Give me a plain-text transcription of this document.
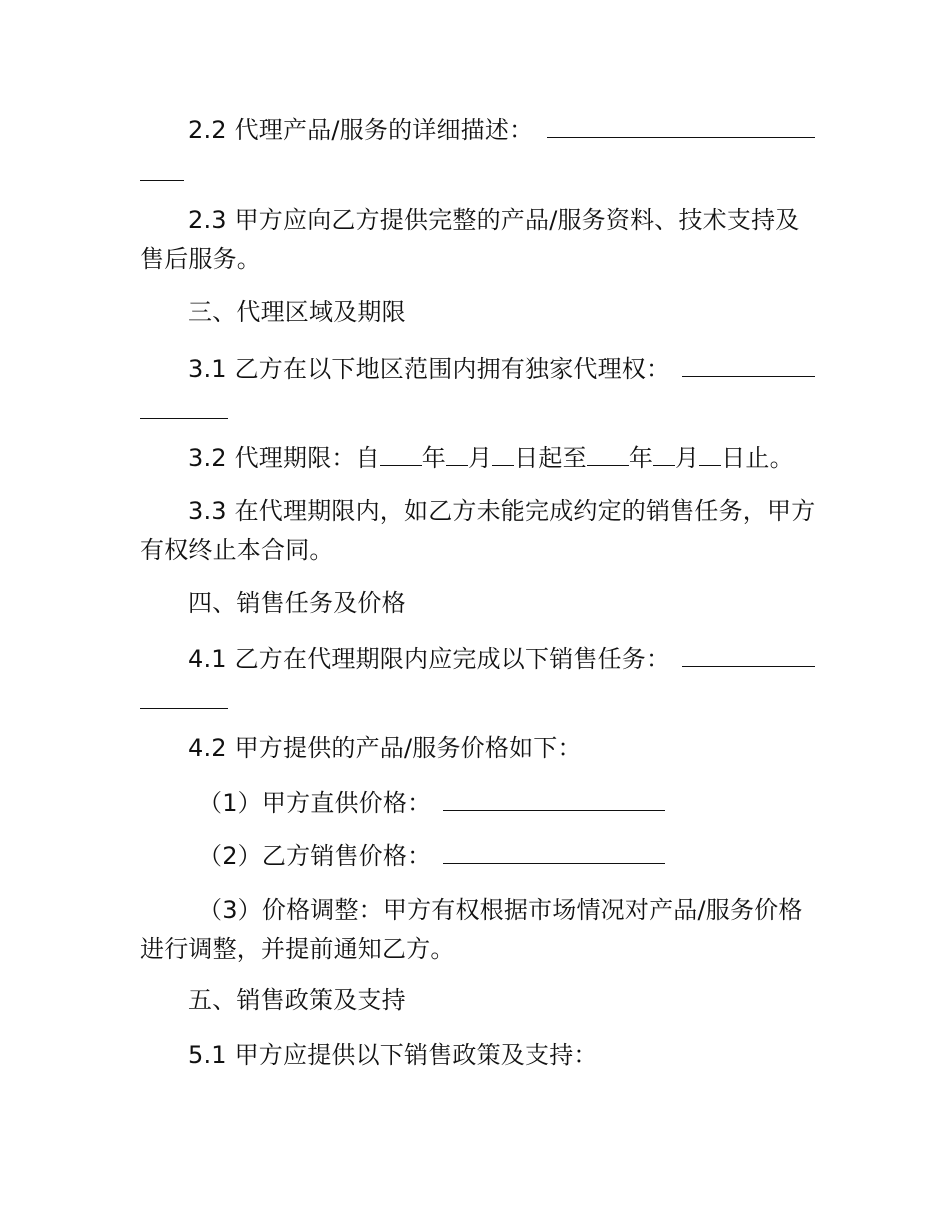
2.2 代理产品/服务的详细描述：

2.3 甲方应向乙方提供完整的产品/服务资料、技术支持及售后服务。

三、代理区域及期限

3.1 乙方在以下地区范围内拥有独家代理权：

3.2 代理期限：自 年 月 日起至 年 月 日止。

3.3 在代理期限内，如乙方未能完成约定的销售任务，甲方有权终止本合同。

四、销售任务及价格

4.1 乙方在代理期限内应完成以下销售任务：

4.2 甲方提供的产品/服务价格如下：

（1）甲方直供价格：

（2）乙方销售价格：

（3）价格调整：甲方有权根据市场情况对产品/服务价格进行调整，并提前通知乙方。

五、销售政策及支持

5.1 甲方应提供以下销售政策及支持：
